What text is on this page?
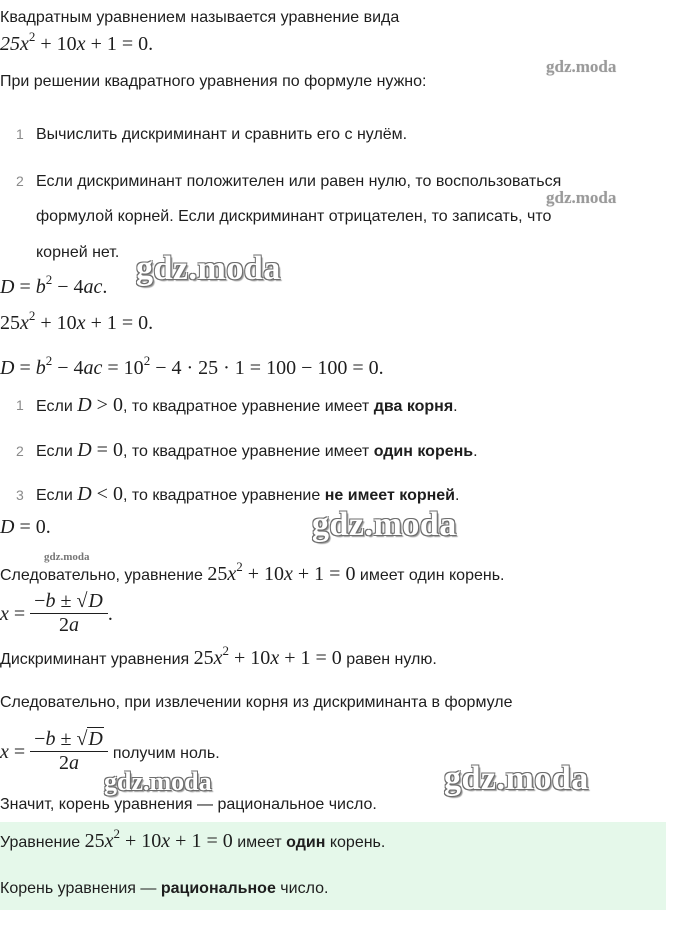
Квадратным уравнением называется уравнение вида
$25x^2 + 10x + 1 = 0$.
При решении квадратного уравнения по формуле нужно:
1 Вычислить дискриминант и сравнить его с нулём.
2 Если дискриминант положителен или равен нулю, то воспользоваться
формулой корней. Если дискриминант отрицателен, то записать, что
корней нет.
$D = b^2 - 4ac$.
$25x^2 + 10x + 1 = 0$.
$D = b^2 - 4ac = 10^2 - 4 \cdot 25 \cdot 1 = 100 - 100 = 0$.
1 Если D > 0, то квадратное уравнение имеет два корня.
2 Если D = 0, то квадратное уравнение имеет один корень.
3 Если D < 0, то квадратное уравнение не имеет корней.
D = 0.
Следовательно, уравнение $25x^2 + 10x + 1 = 0$ имеет один корень.
$x = \frac{-b \pm √D}{2a}$ .
Дискриминант уравнения $25x^2 + 10x + 1 = 0$ равен нулю.
Следовательно, при извлечении корня из дискриминанта в формуле
$x = \frac{-b \pm √D}{2a}$ получим ноль.
Значит, корень уравнения — рациональное число.
Уравнение $25x^2 + 10x + 1 = 0$ имеет один корень.
Корень уравнения — рациональное число.
gdz.moda
gdz.moda
gdz.moda
gdz.moda
gdz.moda
gdz.moda	gdz.moda
